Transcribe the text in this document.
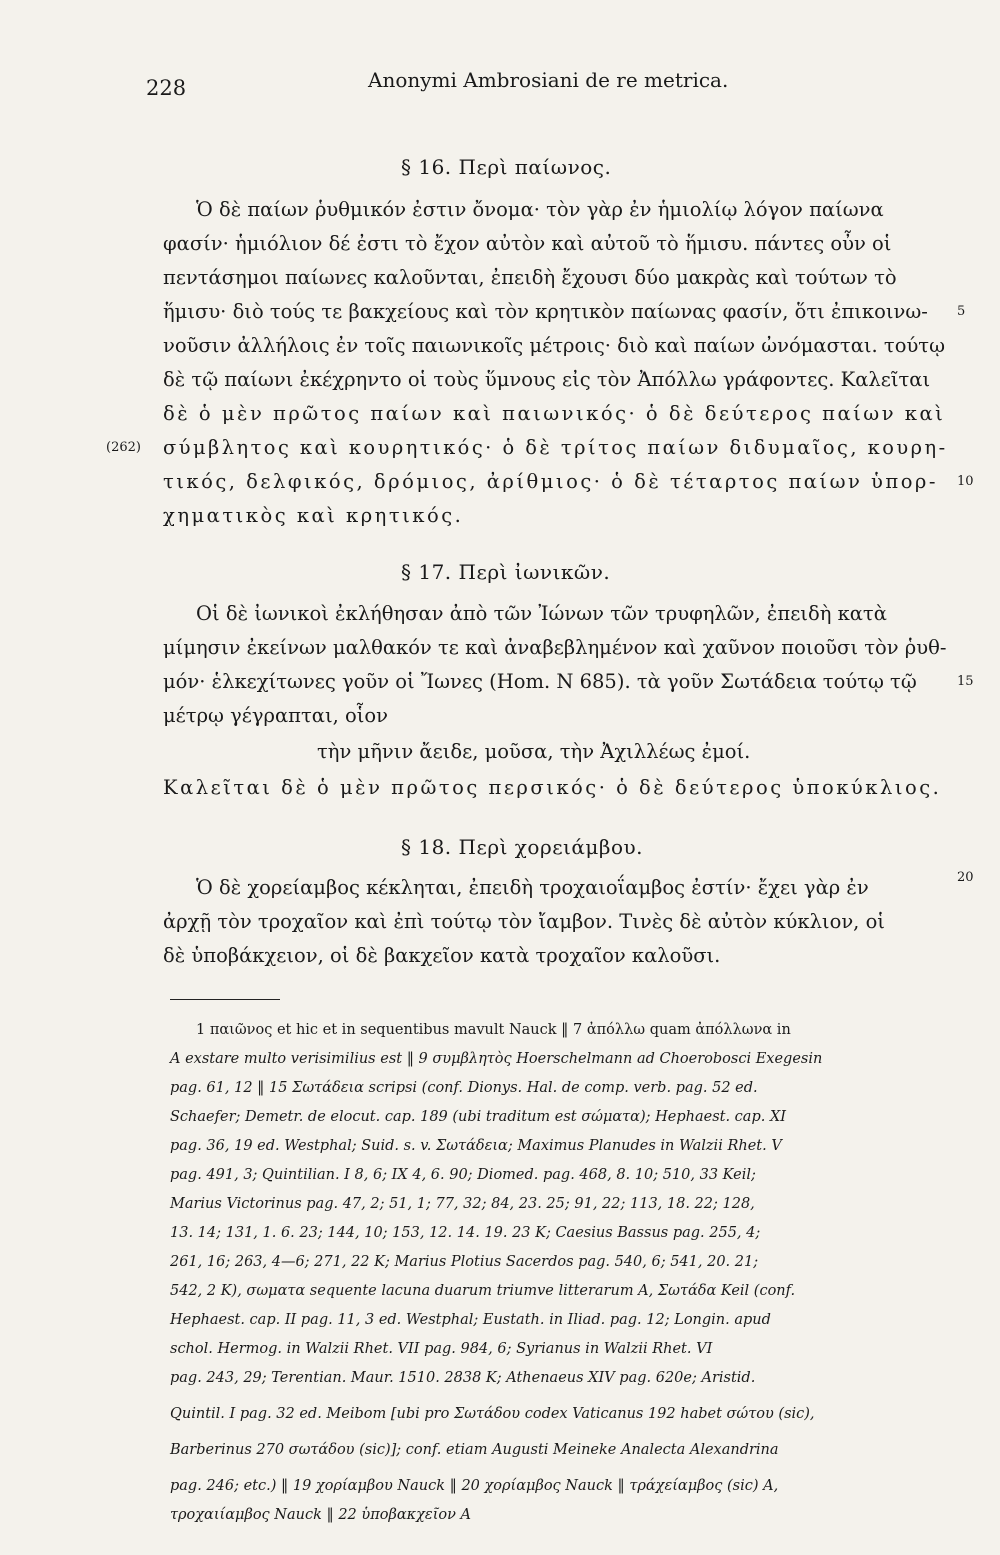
228	Anonymi Ambrosiani de re metrica.
§ 16. Περὶ παίωνος.
Ὁ δὲ παίων ῥυθμικόν ἐστιν ὄνομα· τὸν γὰρ ἐν ἡμιολίῳ λόγον παίωνα
φασίν· ἡμιόλιον δέ ἐστι τὸ ἔχον αὐτὸν καὶ αὐτοῦ τὸ ἥμισυ. πάντες οὖν οἱ
πεντάσημοι παίωνες καλοῦνται, ἐπειδὴ ἔχουσι δύο μακρὰς καὶ τούτων τὸ
ἥμισυ· διὸ τούς τε βακχείους καὶ τὸν κρητικὸν παίωνας φασίν, ὅτι ἐπικοινω-
νοῦσιν ἀλλήλοις ἐν τοῖς παιωνικοῖς μέτροις· διὸ καὶ παίων ὠνόμασται. τούτῳ
δὲ τῷ παίωνι ἐκέχρηντο οἱ τοὺς ὕμνους εἰς τὸν Ἀπόλλω γράφοντες. Καλεῖται
δὲ ὁ μὲν πρῶτος παίων καὶ παιωνικός· ὁ δὲ δεύτερος παίων καὶ
σύμβλητος καὶ κουρητικός· ὁ δὲ τρίτος παίων διδυμαῖος, κουρη-
τικός, δελφικός, δρόμιος, ἀρίθμιος· ὁ δὲ τέταρτος παίων ὑπορ-
χηματικὸς καὶ κρητικός.
(262)
5
10
§ 17. Περὶ ἰωνικῶν.
Οἱ δὲ ἰωνικοὶ ἐκλήθησαν ἀπὸ τῶν Ἰώνων τῶν τρυφηλῶν, ἐπειδὴ κατὰ
μίμησιν ἐκείνων μαλθακόν τε καὶ ἀναβεβλημένον καὶ χαῦνον ποιοῦσι τὸν ῥυθ-
μόν· ἑλκεχίτωνες γοῦν οἱ Ἴωνες (Hom. N 685). τὰ γοῦν Σωτάδεια τούτῳ τῷ
μέτρῳ γέγραπται, οἷον
τὴν μῆνιν ἄειδε, μοῦσα, τὴν Ἀχιλλέως ἐμοί.
Καλεῖται δὲ ὁ μὲν πρῶτος περσικός· ὁ δὲ δεύτερος ὑποκύκλιος.
15
§ 18. Περὶ χορειάμβου.
Ὁ δὲ χορείαμβος κέκληται, ἐπειδὴ τροχαιοΐαμβος ἐστίν· ἔχει γὰρ ἐν
ἀρχῇ τὸν τροχαῖον καὶ ἐπὶ τούτῳ τὸν ἴαμβον. Τινὲς δὲ αὐτὸν κύκλιον, οἱ
δὲ ὑποβάκχειον, οἱ δὲ βακχεῖον κατὰ τροχαῖον καλοῦσι.
20
1 παιῶνος et hic et in sequentibus mavult Nauck ‖ 7 ἀπόλλω quam ἀπόλλωνα in
A exstare multo verisimilius est ‖ 9 συμβλητὸς Hoerschelmann ad Choerobosci Exegesin
pag. 61, 12 ‖ 15 Σωτάδεια scripsi (conf. Dionys. Hal. de comp. verb. pag. 52 ed.
Schaefer; Demetr. de elocut. cap. 189 (ubi traditum est σώματα); Hephaest. cap. XI
pag. 36, 19 ed. Westphal; Suid. s. v. Σωτάδεια; Maximus Planudes in Walzii Rhet. V
pag. 491, 3; Quintilian. I 8, 6; IX 4, 6. 90; Diomed. pag. 468, 8. 10; 510, 33 Keil;
Marius Victorinus pag. 47, 2; 51, 1; 77, 32; 84, 23. 25; 91, 22; 113, 18. 22; 128,
13. 14; 131, 1. 6. 23; 144, 10; 153, 12. 14. 19. 23 K; Caesius Bassus pag. 255, 4;
261, 16; 263, 4—6; 271, 22 K; Marius Plotius Sacerdos pag. 540, 6; 541, 20. 21;
542, 2 K), σωματα sequente lacuna duarum triumve litterarum A, Σωτάδα Keil (conf.
Hephaest. cap. II pag. 11, 3 ed. Westphal; Eustath. in Iliad. pag. 12; Longin. apud
schol. Hermog. in Walzii Rhet. VII pag. 984, 6; Syrianus in Walzii Rhet. VI
pag. 243, 29; Terentian. Maur. 1510. 2838 K; Athenaeus XIV pag. 620e; Aristid.
Quintil. I pag. 32 ed. Meibom [ubi pro Σωτάδου codex Vaticanus 192 habet σώτου (sic),
Barberinus 270 σωτάδου (sic)]; conf. etiam Augusti Meineke Analecta Alexandrina
pag. 246; etc.) ‖ 19 χορίαμβου Nauck ‖ 20 χορίαμβος Nauck ‖ τράχείαμβος (sic) A,
τροχαιίαμβος Nauck ‖ 22 ὑποβακχεῖον A
